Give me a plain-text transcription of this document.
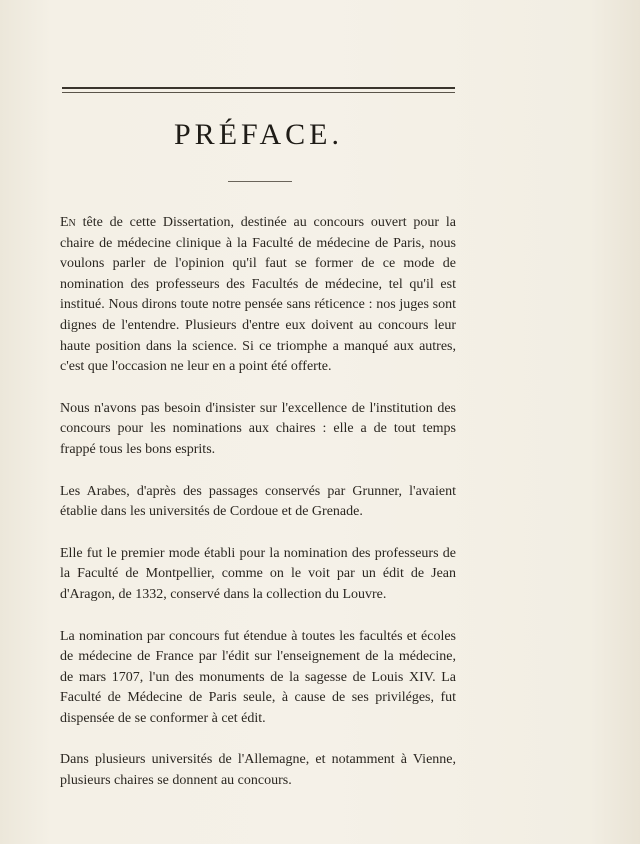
PRÉFACE.

En tête de cette Dissertation, destinée au concours ouvert pour la chaire de médecine clinique à la Faculté de médecine de Paris, nous voulons parler de l'opinion qu'il faut se former de ce mode de nomination des professeurs des Facultés de médecine, tel qu'il est institué. Nous dirons toute notre pensée sans réticence : nos juges sont dignes de l'entendre. Plusieurs d'entre eux doivent au concours leur haute position dans la science. Si ce triomphe a manqué aux autres, c'est que l'occasion ne leur en a point été offerte.

Nous n'avons pas besoin d'insister sur l'excellence de l'institution des concours pour les nominations aux chaires : elle a de tout temps frappé tous les bons esprits.

Les Arabes, d'après des passages conservés par Grunner, l'avaient établie dans les universités de Cordoue et de Grenade.

Elle fut le premier mode établi pour la nomination des professeurs de la Faculté de Montpellier, comme on le voit par un édit de Jean d'Aragon, de 1332, conservé dans la collection du Louvre.

La nomination par concours fut étendue à toutes les facultés et écoles de médecine de France par l'édit sur l'enseignement de la médecine, de mars 1707, l'un des monuments de la sagesse de Louis XIV. La Faculté de Médecine de Paris seule, à cause de ses priviléges, fut dispensée de se conformer à cet édit.

Dans plusieurs universités de l'Allemagne, et notamment à Vienne, plusieurs chaires se donnent au concours.
